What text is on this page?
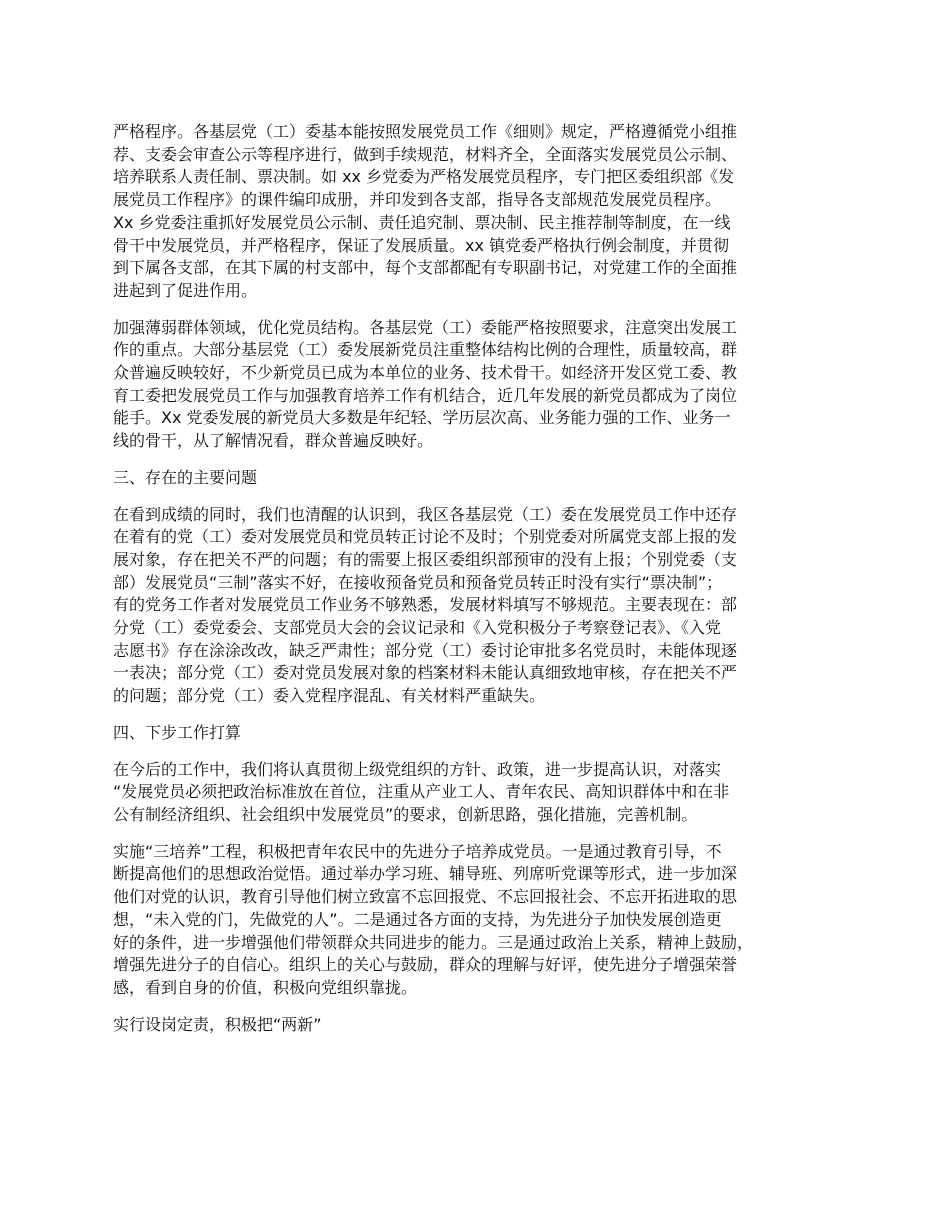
严格程序。各基层党（工）委基本能按照发展党员工作《细则》规定，严格遵循党小组推
荐、支委会审查公示等程序进行，做到手续规范，材料齐全，全面落实发展党员公示制、
培养联系人责任制、票决制。如 xx 乡党委为严格发展党员程序，专门把区委组织部《发
展党员工作程序》的课件编印成册，并印发到各支部，指导各支部规范发展党员程序。
Xx 乡党委注重抓好发展党员公示制、责任追究制、票决制、民主推荐制等制度，在一线
骨干中发展党员，并严格程序，保证了发展质量。xx 镇党委严格执行例会制度，并贯彻
到下属各支部，在其下属的村支部中，每个支部都配有专职副书记，对党建工作的全面推
进起到了促进作用。
加强薄弱群体领域，优化党员结构。各基层党（工）委能严格按照要求，注意突出发展工
作的重点。大部分基层党（工）委发展新党员注重整体结构比例的合理性，质量较高，群
众普遍反映较好，不少新党员已成为本单位的业务、技术骨干。如经济开发区党工委、教
育工委把发展党员工作与加强教育培养工作有机结合，近几年发展的新党员都成为了岗位
能手。Xx 党委发展的新党员大多数是年纪轻、学历层次高、业务能力强的工作、业务一
线的骨干，从了解情况看，群众普遍反映好。
三、存在的主要问题
在看到成绩的同时，我们也清醒的认识到，我区各基层党（工）委在发展党员工作中还存
在着有的党（工）委对发展党员和党员转正讨论不及时；个别党委对所属党支部上报的发
展对象，存在把关不严的问题；有的需要上报区委组织部预审的没有上报；个别党委（支
部）发展党员“三制”落实不好，在接收预备党员和预备党员转正时没有实行“票决制”；
有的党务工作者对发展党员工作业务不够熟悉，发展材料填写不够规范。主要表现在：部
分党（工）委党委会、支部党员大会的会议记录和《入党积极分子考察登记表》、《入党
志愿书》存在涂涂改改，缺乏严肃性；部分党（工）委讨论审批多名党员时，未能体现逐
一表决；部分党（工）委对党员发展对象的档案材料未能认真细致地审核，存在把关不严
的问题；部分党（工）委入党程序混乱、有关材料严重缺失。
四、下步工作打算
在今后的工作中，我们将认真贯彻上级党组织的方针、政策，进一步提高认识，对落实
“发展党员必须把政治标准放在首位，注重从产业工人、青年农民、高知识群体中和在非
公有制经济组织、社会组织中发展党员”的要求，创新思路，强化措施，完善机制。
实施“三培养”工程，积极把青年农民中的先进分子培养成党员。一是通过教育引导，不
断提高他们的思想政治觉悟。通过举办学习班、辅导班、列席听党课等形式，进一步加深
他们对党的认识，教育引导他们树立致富不忘回报党、不忘回报社会、不忘开拓进取的思
想，“未入党的门，先做党的人”。二是通过各方面的支持，为先进分子加快发展创造更
好的条件，进一步增强他们带领群众共同进步的能力。三是通过政治上关系，精神上鼓励，
增强先进分子的自信心。组织上的关心与鼓励，群众的理解与好评，使先进分子增强荣誉
感，看到自身的价值，积极向党组织靠拢。
实行设岗定责，积极把“两新”
